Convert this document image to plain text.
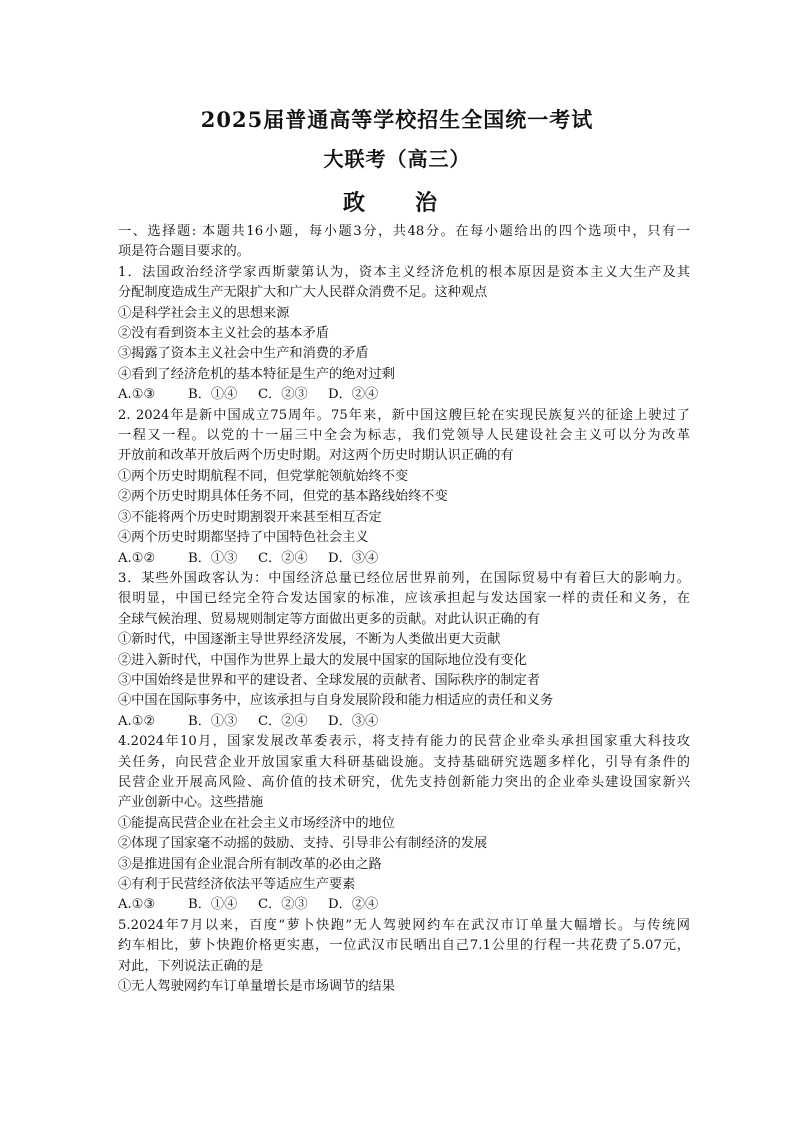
2025届普通高等学校招生全国统一考试
大联考（高三）
政　治
一、选择题: 本题共16小题，每小题3分，共48分。在每小题给出的四个选项中，只有一
项是符合题目要求的。
1．法国政治经济学家西斯蒙第认为，资本主义经济危机的根本原因是资本主义大生产及其
分配制度造成生产无限扩大和广大人民群众消费不足。这种观点
①是科学社会主义的思想来源
②没有看到资本主义社会的基本矛盾
③揭露了资本主义社会中生产和消费的矛盾
④看到了经济危机的基本特征是生产的绝对过剩
A.①③ B．①④ C．②③ D．②④
2. 2024年是新中国成立75周年。75年来，新中国这艘巨轮在实现民族复兴的征途上驶过了
一程又一程。以党的十一届三中全会为标志，我们党领导人民建设社会主义可以分为改革
开放前和改革开放后两个历史时期。对这两个历史时期认识正确的有
①两个历史时期航程不同，但党掌舵领航始终不变
②两个历史时期具体任务不同，但党的基本路线始终不变
③不能将两个历史时期割裂开来甚至相互否定
④两个历史时期都坚持了中国特色社会主义
A.①② B．①③ C．②④ D．③④
3．某些外国政客认为：中国经济总量已经位居世界前列，在国际贸易中有着巨大的影响力。
很明显，中国已经完全符合发达国家的标准，应该承担起与发达国家一样的责任和义务，在
全球气候治理、贸易规则制定等方面做出更多的贡献。对此认识正确的有
①新时代，中国逐渐主导世界经济发展，不断为人类做出更大贡献
②进入新时代，中国作为世界上最大的发展中国家的国际地位没有变化
③中国始终是世界和平的建设者、全球发展的贡献者、国际秩序的制定者
④中国在国际事务中，应该承担与自身发展阶段和能力相适应的责任和义务
A.①② B．①③ C．②④ D．③④
4.2024年10月，国家发展改革委表示，将支持有能力的民营企业牵头承担国家重大科技攻
关任务，向民营企业开放国家重大科研基础设施。支持基础研究选题多样化，引导有条件的
民营企业开展高风险、高价值的技术研究，优先支持创新能力突出的企业牵头建设国家新兴
产业创新中心。这些措施
①能提高民营企业在社会主义市场经济中的地位
②体现了国家毫不动摇的鼓励、支持、引导非公有制经济的发展
③是推进国有企业混合所有制改革的必由之路
④有利于民营经济依法平等适应生产要素
A.①③ B．①④ C．②③ D．②④
5.2024年7月以来，百度“萝卜快跑”无人驾驶网约车在武汉市订单量大幅增长。与传统网
约车相比，萝卜快跑价格更实惠，一位武汉市民晒出自己7.1公里的行程一共花费了5.07元，
对此，下列说法正确的是
①无人驾驶网约车订单量增长是市场调节的结果
